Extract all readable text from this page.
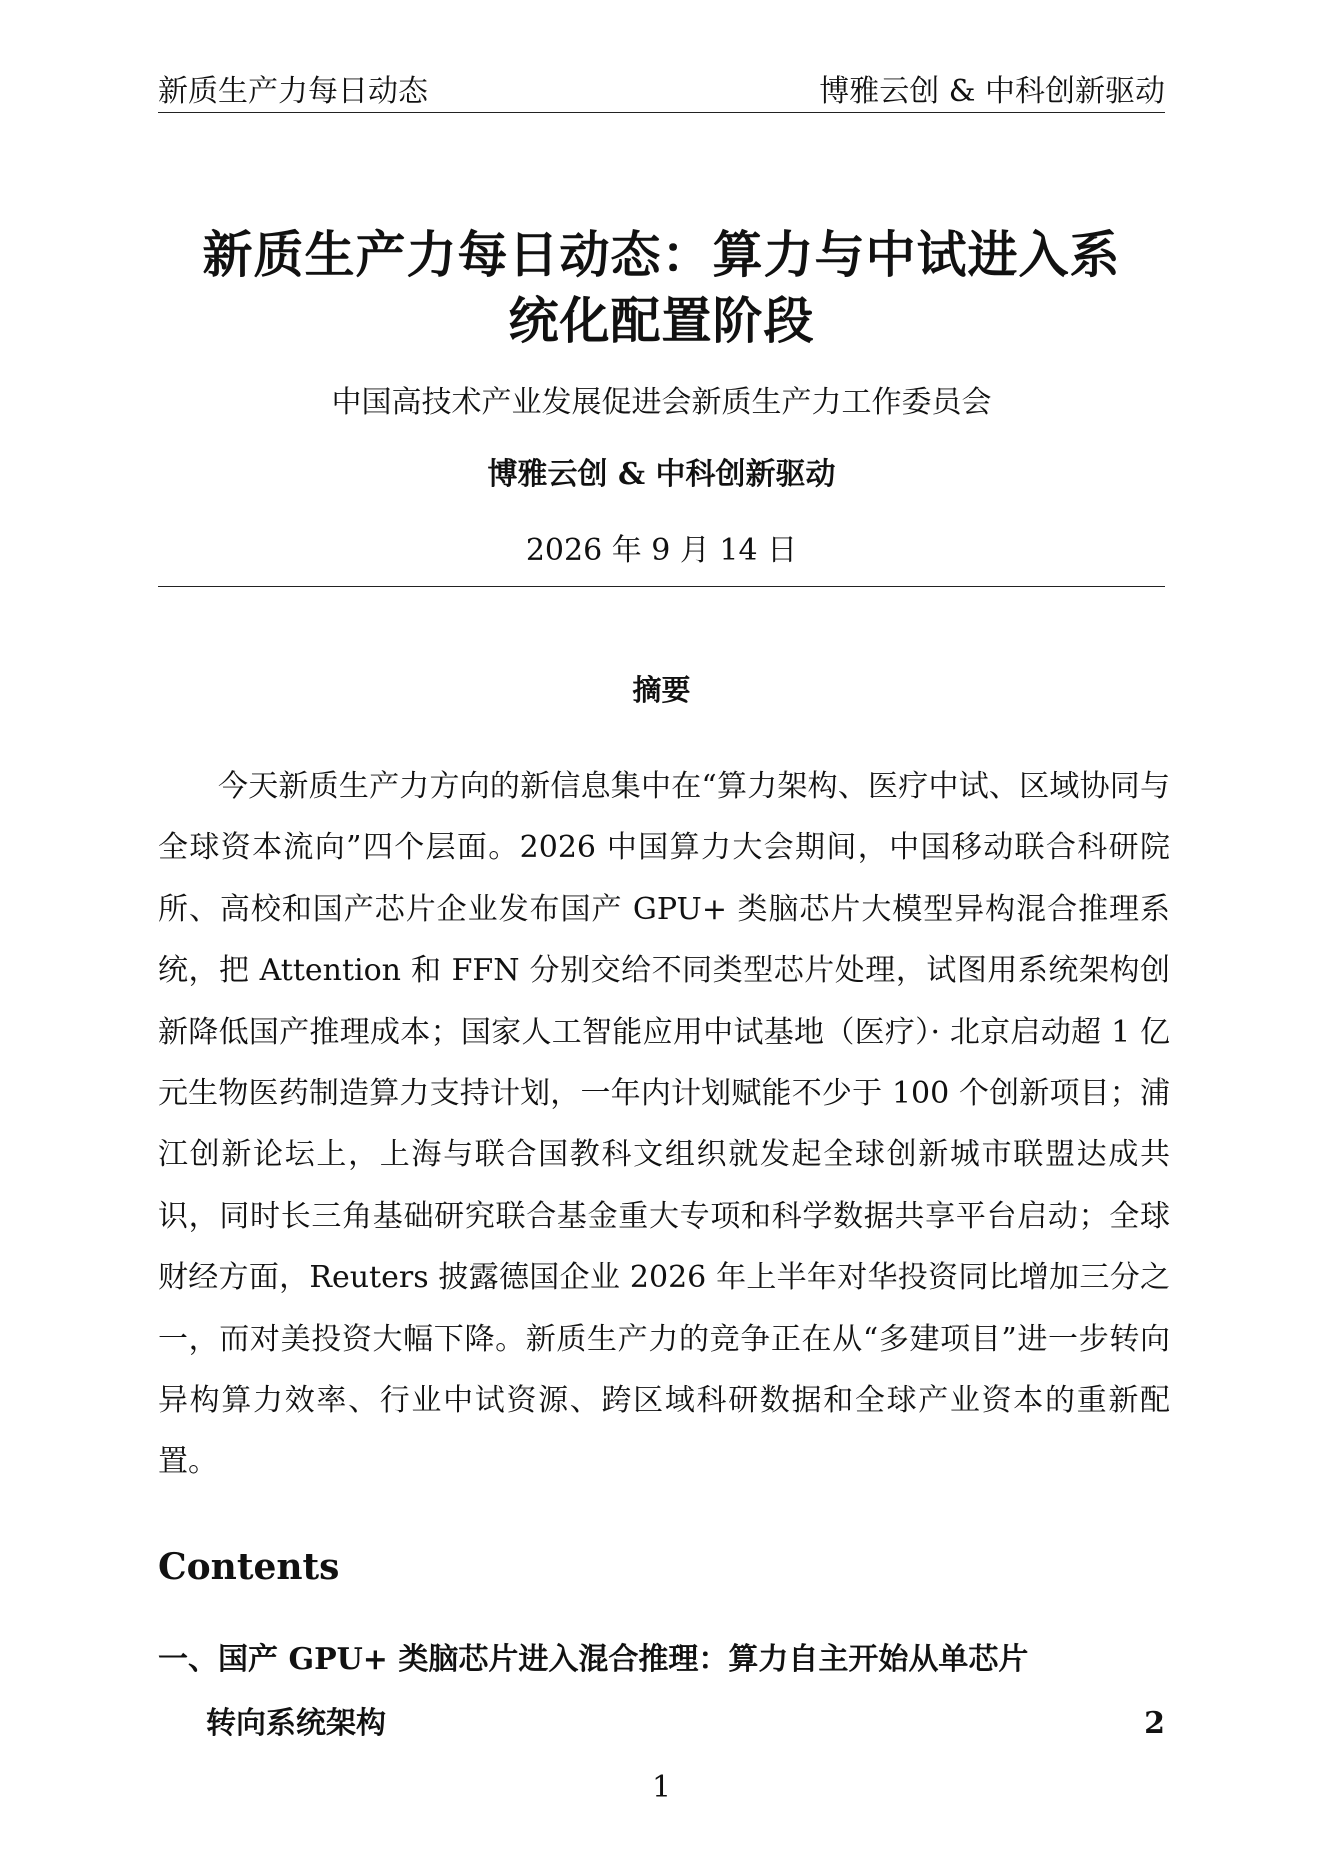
新质生产力每日动态	博雅云创 & 中科创新驱动
新质生产力每日动态：算力与中试进入系
统化配置阶段
中国高技术产业发展促进会新质生产力工作委员会
博雅云创 & 中科创新驱动
2026 年 9 月 14 日
摘要

今天新质生产力方向的新信息集中在“算力架构、医疗中试、区域协同与全球资本流向”四个层面。2026 中国算力大会期间，中国移动联合科研院所、高校和国产芯片企业发布国产 GPU+ 类脑芯片大模型异构混合推理系统，把 Attention 和 FFN 分别交给不同类型芯片处理，试图用系统架构创新降低国产推理成本；国家人工智能应用中试基地（医疗）· 北京启动超 1 亿元生物医药制造算力支持计划，一年内计划赋能不少于 100 个创新项目；浦江创新论坛上，上海与联合国教科文组织就发起全球创新城市联盟达成共识，同时长三角基础研究联合基金重大专项和科学数据共享平台启动；全球财经方面，Reuters 披露德国企业 2026 年上半年对华投资同比增加三分之一，而对美投资大幅下降。新质生产力的竞争正在从“多建项目”进一步转向异构算力效率、行业中试资源、跨区域科研数据和全球产业资本的重新配置。

Contents
一、国产 GPU+ 类脑芯片进入混合推理：算力自主开始从单芯片
转向系统架构	2
1
